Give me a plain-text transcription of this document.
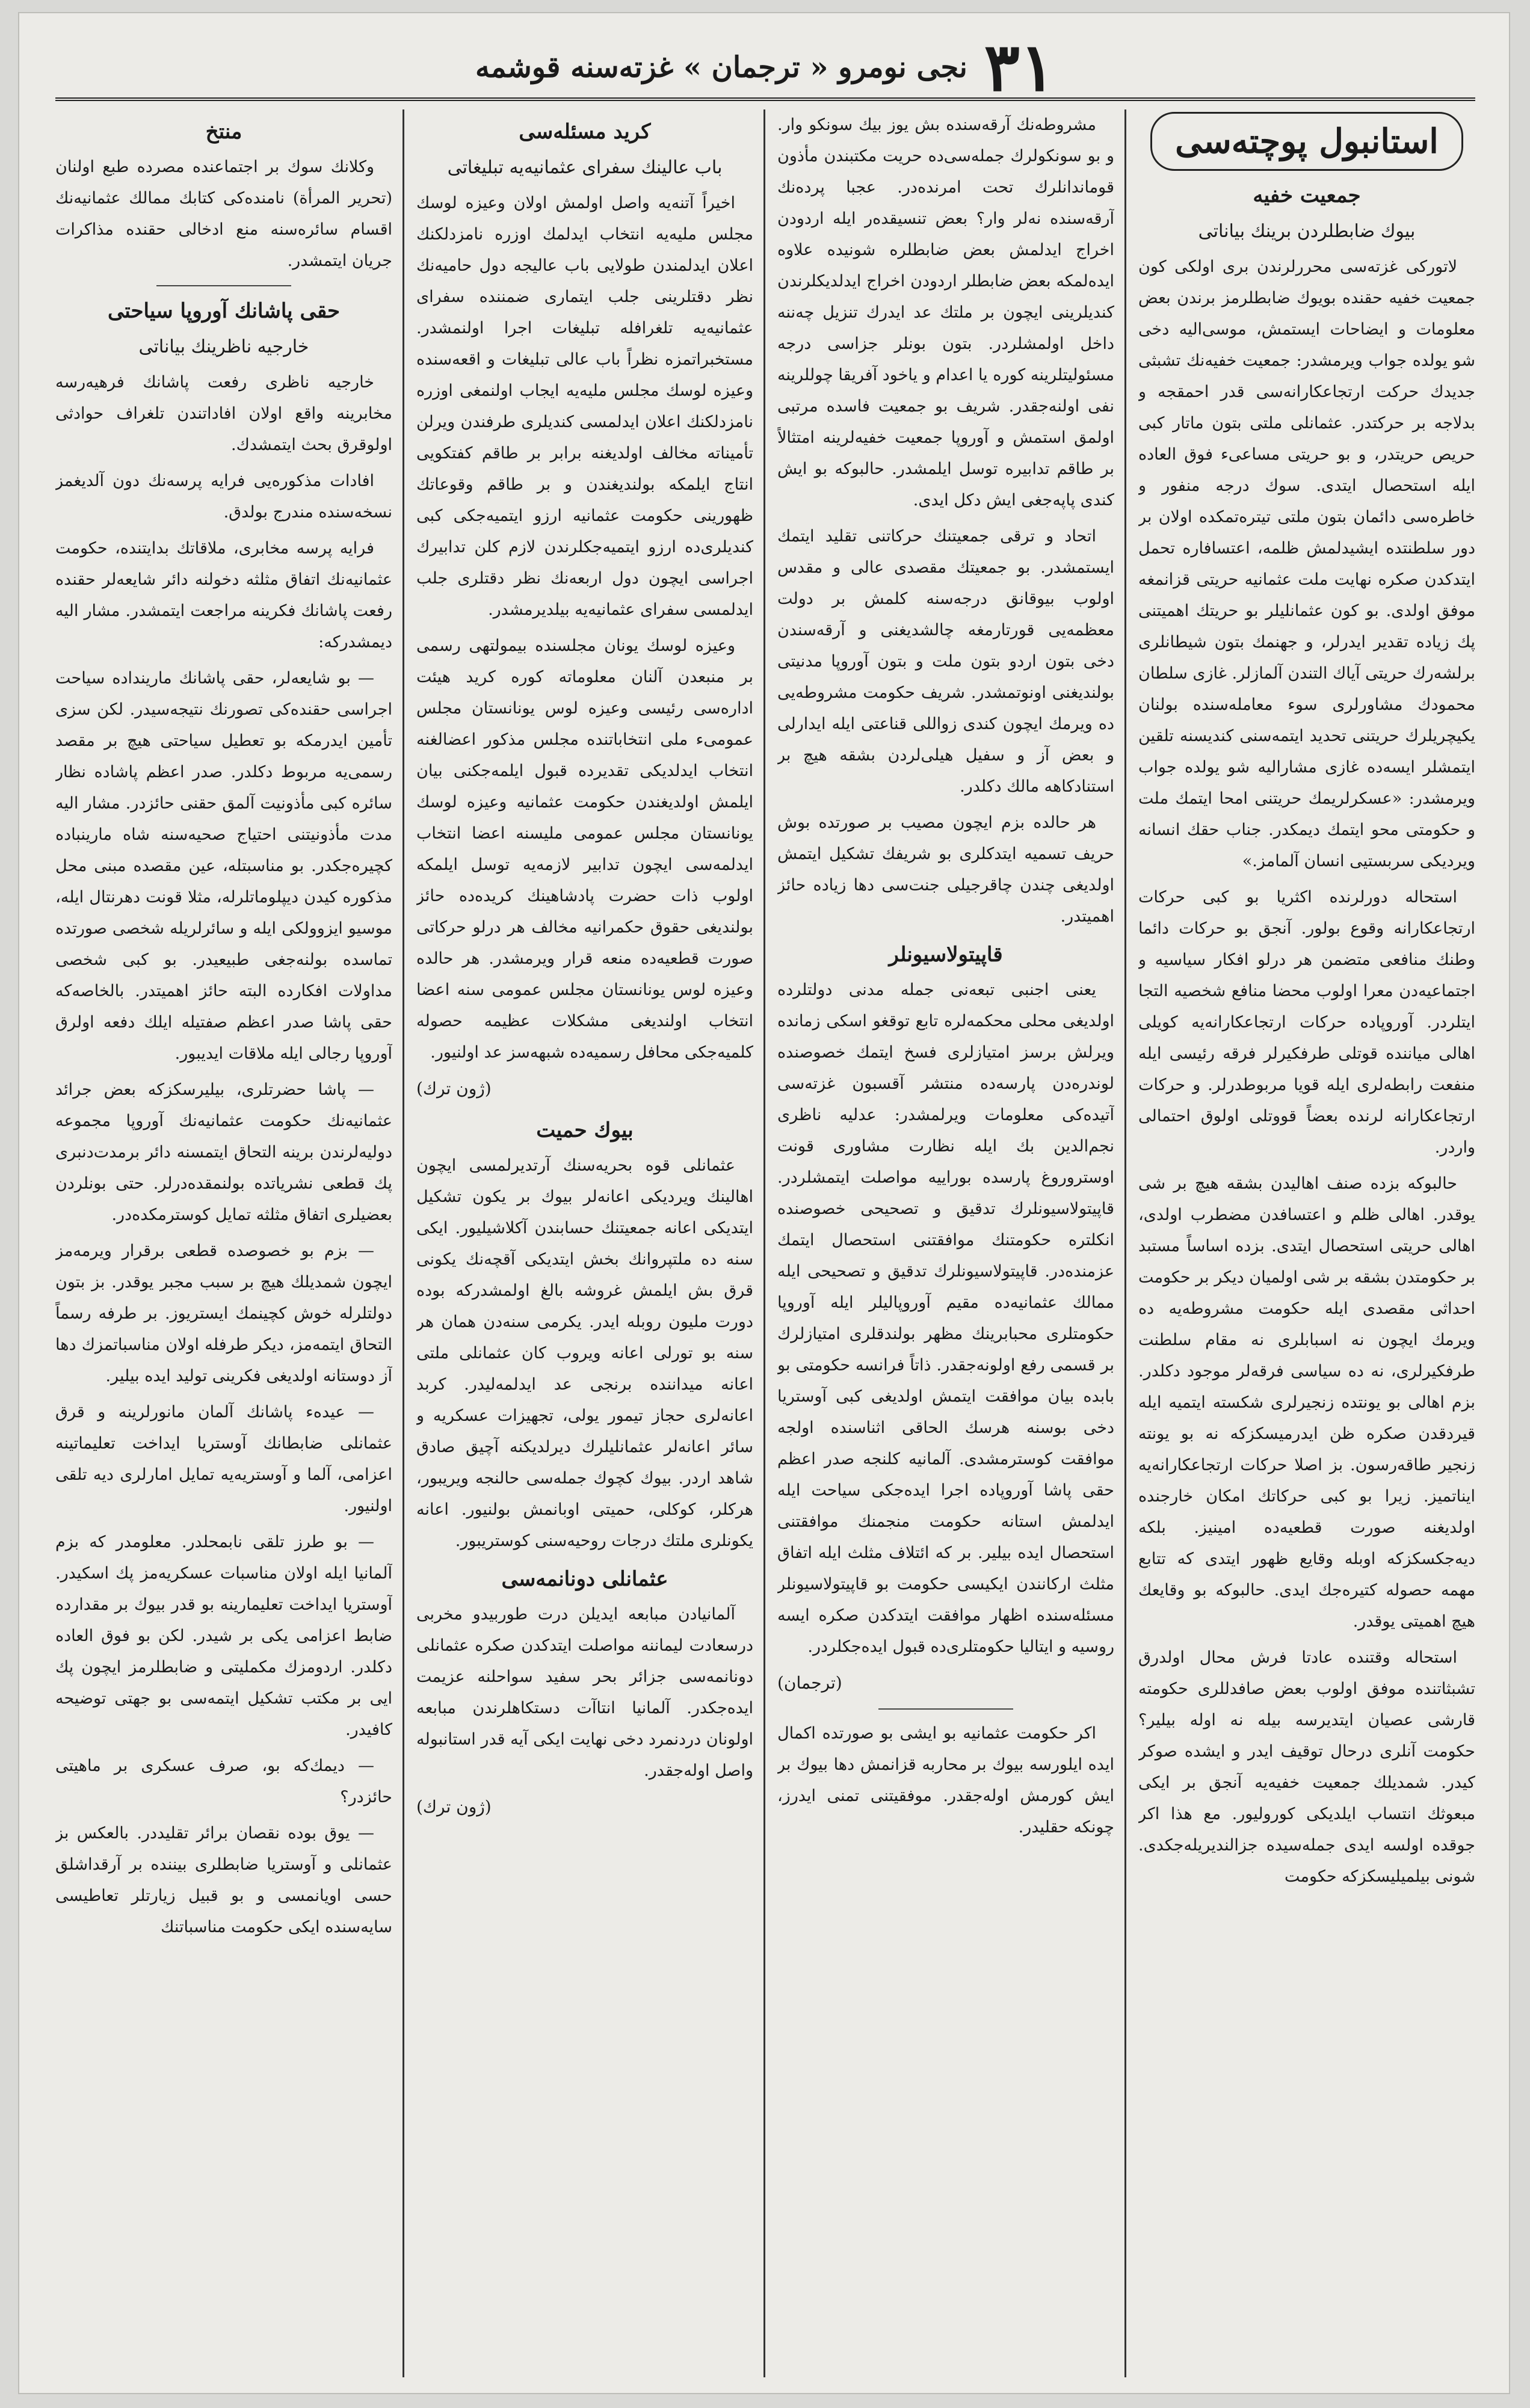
٣١
نجی نومرو « ترجمان » غزته‌سنه قوشمه
استانبول پوچته‌سی
جمعیت خفیه
بیوك ضابطلردن برینك بیاناتی

لاتورکی غزته‌سی محررلرندن بری اولکی کون جمعیت خفیه حقنده بویوك ضابطلرمز برندن بعض معلومات و ایضاحات ایستمش، موسی‌الیه دخی شو یولده جواب ویرمشدر: جمعیت خفیه‌نك تشبثی جدیدك حرکت ارتجاعکارانه‌سی قدر احمقجه و بدلاجه بر حرکتدر. عثمانلی ملتی بتون ماتار کبی حریص حریتدر، و بو حریتی مساعیء فوق العاده ایله استحصال ایتدی. سوك درجه منفور و خاطره‌سی دائمان بتون ملتی تیتره‌تمکده اولان بر دور سلطنتده ایشیدلمش ظلمه، اعتسافاره تحمل ایتدکدن صکره نهایت ملت عثمانیه حریتی قزانمغه موفق اولدی. بو کون عثمانلیلر بو حریتك اهمیتنی پك زیاده تقدیر ایدرلر، و جهنمك بتون شیطانلری برلشه‌رك حریتی آیاك التندن آلمازلر. غازی سلطان محمودك مشاورلری سوء معامله‌سنده بولنان یکیچریلرك حریتنی تحدید ایتمه‌سنی کندیسنه تلقین ایتمشلر ایسه‌ده غازی مشارالیه شو یولده جواب ویرمشدر: «عسکرلریمك حریتنی امحا ایتمك ملت و حکومتی محو ایتمك دیمکدر. جناب حقك انسانه ویردیکی سربستیی انسان آلمامز.»

استحاله دورلرنده اکثریا بو کبی حرکات ارتجاعکارانه وقوع بولور. آنجق بو حرکات دائما وطنك منافعی متضمن هر درلو افکار سیاسیه و اجتماعیه‌دن معرا اولوب محضا منافع شخصیه التجا ایتلردر. آوروپاده حرکات ارتجاعکارانه‌یه کویلی اهالی میاننده قوتلی طرفکیرلر فرقه رئیسی ایله منفعت رابطه‌لری ایله قویا مربوطدرلر. و حرکات ارتجاعکارانه لرنده بعضاً قووتلی اولوق احتمالی واردر.

حالبوکه بزده صنف اهالیدن بشقه هیچ بر شی یوقدر. اهالی ظلم و اعتسافدن مضطرب اولدی، اهالی حریتی استحصال ایتدی. بزده اساساً مستبد بر حکومتدن بشقه بر شی اولمیان دیکر بر حکومت احداثی مقصدی ایله حکومت مشروطه‌یه ده ویرمك ایچون نه اسبابلری نه مقام سلطنت طرفکیرلری، نه ده سیاسی فرقه‌لر موجود دکلدر. بزم اهالی بو یونتده زنجیرلری شکسته ایتمیه ایله قیردقدن صکره ظن ایدرمیسکزکه نه بو یونته زنجیر طاقه‌رسون. بز اصلا حرکات ارتجاعکارانه‌یه ایناتمیز. زیرا بو کبی حرکاتك امکان خارجنده اولدیغنه صورت قطعیه‌ده امینیز. بلکه دیه‌جکسکزکه اوبله وقایع ظهور ایتدی که تتابع مهمه حصوله کتیره‌جك ایدی. حالبوکه بو وقایعك هیچ اهمیتی یوقدر.

استحاله وقتنده عادتا فرش محال اولدرق تشبثاتنده موفق اولوب بعض صافدللری حکومته قارشی عصیان ایتدیرسه بیله نه اوله بیلیر؟ حکومت آنلری درحال توقیف ایدر و ایشده صوكر کیدر. شمدیلك جمعیت خفیه‌یه آنجق بر ایکی مبعوثك انتساب ایلدیکی کوروليور. مع هذا اکر جوقده اولسه ایدی جمله‌سیده جزالندیریله‌جکدی. شونی بیلمیلیسکزکه حکومت

مشروطه‌نك آرقه‌سنده بش یوز بیك سونکو وار. و بو سونکولرك جمله‌سی‌ده حریت مکتبندن مأذون قوماندانلرك تحت امرنده‌در. عجبا پرده‌نك آرقه‌سنده نه‌لر وار؟ بعض تنسیقده‌ر ایله اردودن اخراج ایدلمش بعض ضابطلره شونیده علاوه ایده‌لمکه بعض ضابطلر اردودن اخراج ایدلدیکلرندن کندیلرینی ایچون بر ملتك عد ایدرك تنزیل چه‌ننه داخل اولمشلردر. بتون بونلر جزاسی درجه مسئولیتلرینه کوره یا اعدام و یاخود آفریقا چوللرینه نفی اولنه‌جقدر. شریف بو جمعیت فاسده مرتبی اولمق استمش و آوروپا جمعیت خفیه‌لرینه امتثالاً بر طاقم تدابیره توسل ایلمشدر. حالبوکه بو ایش کندی پاپه‌جغی ایش دکل ایدی.

اتحاد و ترقی جمعیتنك حرکاتنی تقلید ایتمك ایستمشدر. بو جمعیتك مقصدی عالی و مقدس اولوب بیوقانق درجه‌سنه کلمش بر دولت معظمه‌یی قورتارمغه چالشدیغنی و آرقه‌سندن دخی بتون اردو بتون ملت و بتون آوروپا مدنیتی بولندیغنی اونوتمشدر. شریف حکومت مشروطه‌یی ده ویرمك ایچون کندی زواللی قناعتی ایله ایدارلی و بعض آز و سفیل هیلی‌لردن بشقه هیچ بر استنادکاهه مالك دکلدر.

هر حالده بزم ایچون مصیب بر صورتده بوش حریف تسمیه ایتدکلری بو شریفك تشکیل ایتمش اولدیغی چندن چاقرجیلی جنت‌سی دها زیاده حائز اهمیتدر.

قاپیتولاسیونلر

یعنی اجنبی تبعه‌نی جمله مدنی دولتلرده اولدیغی محلی محکمه‌لره تابع توقغو اسکی زمانده ویرلش برسز امتیازلری فسخ ایتمك خصوصنده لوندره‌دن پارسه‌ده منتشر آقسبون غزته‌سی آتیده‌کی معلومات ویرلمشدر: عدلیه ناظری نجم‌الدین بك ایله نظارت مشاوری قونت اوستروروغ پارسده بوراییه مواصلت ایتمشلردر. قاپیتولاسیونلرك تدقیق و تصحیحی خصوصنده انکلتره حکومتنك موافقتنی استحصال ایتمك عزمنده‌در. قاپیتولاسیونلرك تدقیق و تصحیحی ایله ممالك عثمانیه‌ده مقیم آوروپالیلر ایله آوروپا حکومتلری محبابرینك مظهر بولندقلری امتیازلرك بر قسمی رفع اولونه‌جقدر. ذاتاً فرانسه حکومتی بو بابده بیان موافقت ایتمش اولدیغی کبی آوستریا دخی بوسنه هرسك الحاقی اثناسنده اولجه موافقت کوسترمشدی. آلمانیه کلنجه صدر اعظم حقی پاشا آوروپاده اجرا ایده‌جکی سیاحت ایله ایدلمش استانه حکومت منجمنك موافقتنی استحصال ایده بیلیر. بر که ائتلاف مثلث ایله اتفاق مثلث ارکانندن ایکیسی حکومت بو قاپیتولاسیونلر مسئله‌سنده اظهار موافقت ایتدکدن صکره ایسه روسیه و ایتالیا حکومتلری‌ده قبول ایده‌جکلردر.

(ترجمان)

اکر حکومت عثمانیه بو ایشی بو صورتده اکمال ایده ایلورسه بیوك بر محاربه قزانمش دها بیوك بر ایش کورمش اوله‌جقدر. موفقیتنی تمنی ایدرز، چونکه حقلیدر.

کرید مسئله‌سی
باب عالینك سفرای عثمانیه‌یه تبلیغاتی

اخیراً آتنه‌یه واصل اولمش اولان وعیزه لوسك مجلس ملیه‌یه انتخاب ایدلمك اوزره نامزدلکنك اعلان ایدلمندن طولایی باب عالیجه دول حامیه‌نك نظر دقتلرینی جلب ایتماری ضمننده سفرای عثمانیه‌یه تلغرافله تبلیغات اجرا اولنمشدر. مستخبراتمزه نظراً باب عالی تبلیغات و اقعه‌سنده وعیزه لوسك مجلس ملیه‌یه ایجاب اولنمغی اوزره نامزدلکنك اعلان ایدلمسی کندیلری طرفندن ویرلن تأمیناته مخالف اولدیغنه برابر بر طاقم کفتکویی انتاج ایلمکه بولندیغندن و بر طاقم وقوعاتك ظهورینی حکومت عثمانیه ارزو ایتمیه‌جکی کبی کندیلری‌ده ارزو ایتمیه‌جکلرندن لازم کلن تدابیرك اجراسی ایچون دول اربعه‌نك نظر دقتلری جلب ایدلمسی سفرای عثمانیه‌یه بیلدیرمشدر.

وعیزه لوسك یونان مجلسنده بیمولتهی رسمی بر منبعدن آلنان معلوماته کوره کرید هیئت اداره‌سی رئیسی وعیزه لوس یونانستان مجلس عمومی‌ء ملی انتخاباتنده مجلس مذکور اعضالغنه انتخاب ایدلدیکی تقدیرده قبول ایلمه‌جکنی بیان ایلمش اولدیغندن حکومت عثمانیه وعیزه لوسك یونانستان مجلس عمومی ملیسنه اعضا انتخاب ایدلمه‌سی ایچون تدابیر لازمه‌یه توسل ایلمکه اولوب ذات حضرت پادشاهینك کریده‌ده حائز بولندیغی حقوق حکمرانیه مخالف هر درلو حرکاتی صورت قطعیه‌ده منعه قرار ویرمشدر. هر حالده وعیزه لوس یونانستان مجلس عمومی سنه اعضا انتخاب اولندیغی مشکلات عظیمه حصوله کلمیه‌جکی محافل رسمیه‌ده شبهه‌سز عد اولنیور.

(ژون ترك)
بیوك حمیت

عثمانلی قوه بحریه‌سنك آرتدیرلمسی ایچون اهالینك ویردیکی اعانه‌لر بیوك بر یکون تشکیل ایتدیکی اعانه جمعیتنك حسابندن آکلاشیلیور. ایکی سنه ده ملتپروانك بخش ایتدیکی آقچه‌نك یکونی قرق بش ایلمش غروشه بالغ اولمشدرکه بوده دورت ملیون روبله ایدر. یکرمی سنه‌دن همان هر سنه بو تورلی اعانه ویروب کان عثمانلی ملتی اعانه میداننده برنجی عد ایدلمه‌لیدر. کربد اعانه‌لری حجاز تیمور یولی، تجهیزات عسکریه و سائر اعانه‌لر عثمانلیلرك دیرلدیکنه آچیق صادق شاهد اردر. بیوك کچوك جمله‌سی حالنجه ویریبور، هرکلر، کوکلی، حمیتی اوبانمش بولنیور. اعانه یکونلری ملتك درجات روحیه‌سنی کوستریبور.

عثمانلی دونانمه‌سی

آلمانیادن مبابعه ایدیلن درت طوربیدو مخربی درسعادت لیماننه مواصلت ایتدکدن صکره عثمانلی دونانمه‌سی جزائر بحر سفید سواحلنه عزیمت ایده‌جکدر. آلمانیا انتاآت دستکاهلرندن مبابعه اولونان دردنمرد دخی نهایت ایکی آیه قدر استانبوله واصل اوله‌جقدر.

(ژون ترك)
منتخ

وکلانك سوك بر اجتماعنده مصرده طبع اولنان (تحریر المرأة) نامنده‌کی کتابك ممالك عثمانیه‌نك اقسام سائره‌سنه منع ادخالی حقنده مذاکرات جریان ایتمشدر.

حقی پاشانك آوروپا سیاحتی
خارجیه ناظرینك بیاناتی

خارجیه ناظری رفعت پاشانك فرهیه‌رسه مخابرینه واقع اولان افاداتندن تلغراف حوادثی اولوقرق بحث ایتمشدك.

افادات مذکوره‌یی فرایه پرسه‌نك دون آلدیغمز نسخه‌سنده مندرج بولدق.

فرایه پرسه مخابری، ملاقاتك بدایتنده، حکومت عثمانیه‌نك اتفاق مثلثه دخولنه دائر شایعه‌لر حقنده رفعت پاشانك فکرینه مراجعت ایتمشدر. مشار الیه دیمشدرکه:

— بو شایعه‌لر، حقی پاشانك مارینداده سیاحت اجراسی حقنده‌کی تصورنك نتیجه‌سیدر. لکن سزی تأمین ایدرمکه بو تعطیل سیاحتی هیچ بر مقصد رسمی‌یه مربوط دکلدر. صدر اعظم پاشاده نظار سائره کبی مأذونیت آلمق حقنی حائزدر. مشار الیه مدت مأذونیتنی احتیاج صحیه‌سنه شاه مارینباده کچیره‌جکدر. بو مناسبتله، عین مقصده مبنی محل مذکوره کیدن دیپلوماتلرله، مثلا قونت دهرنتال ایله، موسیو ایزوولکی ایله و سائرلریله شخصی صورتده تماسده بولنه‌جغی طبیعیدر. بو کبی شخصی مداولات افکارده البته حائز اهمیتدر. بالخاصه‌که حقی پاشا صدر اعظم صفتیله ایلك دفعه اولرق آوروپا رجالی ایله ملاقات ایدیبور.

— پاشا حضرتلری، بیلیرسکزکه بعض جرائد عثمانیه‌نك حکومت عثمانیه‌نك آوروپا مجموعه دولیه‌لرندن برینه التحاق ایتمسنه دائر برمدت‌دنبری پك قطعی نشریاتده بولنمقده‌درلر. حتی بونلردن بعضیلری اتفاق مثلثه تمایل کوسترمکده‌در.

— بزم بو خصوصده قطعی برقرار ویرمه‌مز ایچون شمدیلك هیچ بر سبب مجبر یوقدر. بز بتون دولتلرله خوش کچینمك ایستریوز. بر طرفه رسماً التحاق ایتمه‌مز، دیکر طرفله اولان مناسباتمزك دها آز دوستانه اولدیغی فکرینی تولید ایده بیلیر.

— عیدهء پاشانك آلمان مانورلرینه و قرق عثمانلی ضابطانك آوستریا ایداخت تعلیماتینه اعزامی، آلما و آوستریه‌یه تمایل امارلری دیه تلقی اولنیور.

— بو طرز تلقی نابمحلدر. معلومدر که بزم آلمانیا ایله اولان مناسبات عسکریه‌مز پك اسکیدر. آوستریا ایداخت تعلیمارینه بو قدر بیوك بر مقدارده ضابط اعزامی یکی بر شیدر. لکن بو فوق العاده دکلدر. اردومزك مکملیتی و ضابطلرمز ایچون پك ایی بر مکتب تشکیل ایتمه‌سی بو جهتی توضیحه کافیدر.

— دیمك‌که بو، صرف عسکری بر ماهیتی حائزدر؟

— یوق بوده نقصان برائر تقلیددر. بالعکس بز عثمانلی و آوستریا ضابطلری بیننده بر آرقداشلق حسی اویانمسی و بو قبیل زیارتلر تعاطیسی سایه‌سنده ایکی حکومت مناسباتنك
